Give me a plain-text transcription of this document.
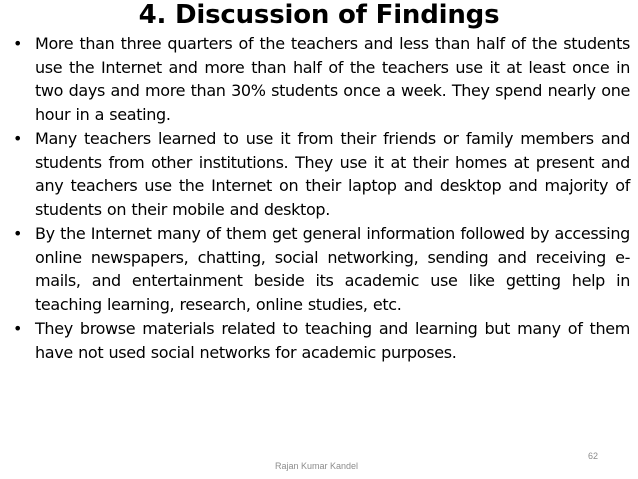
4. Discussion of Findings
• More than three quarters of the teachers and less than half of the students use the Internet and more than half of the teachers use it at least once in two days and more than 30% students once a week. They spend nearly one hour in a seating.
• Many teachers learned to use it from their friends or family members and students from other institutions. They use it at their homes at present and any teachers use the Internet on their laptop and desktop and majority of students on their mobile and desktop.
• By the Internet many of them get general information followed by accessing online newspapers, chatting, social networking, sending and receiving e-mails, and entertainment beside its academic use like getting help in teaching learning, research, online studies, etc.
• They browse materials related to teaching and learning but many of them have not used social networks for academic purposes.
Rajan Kumar Kandel
62
